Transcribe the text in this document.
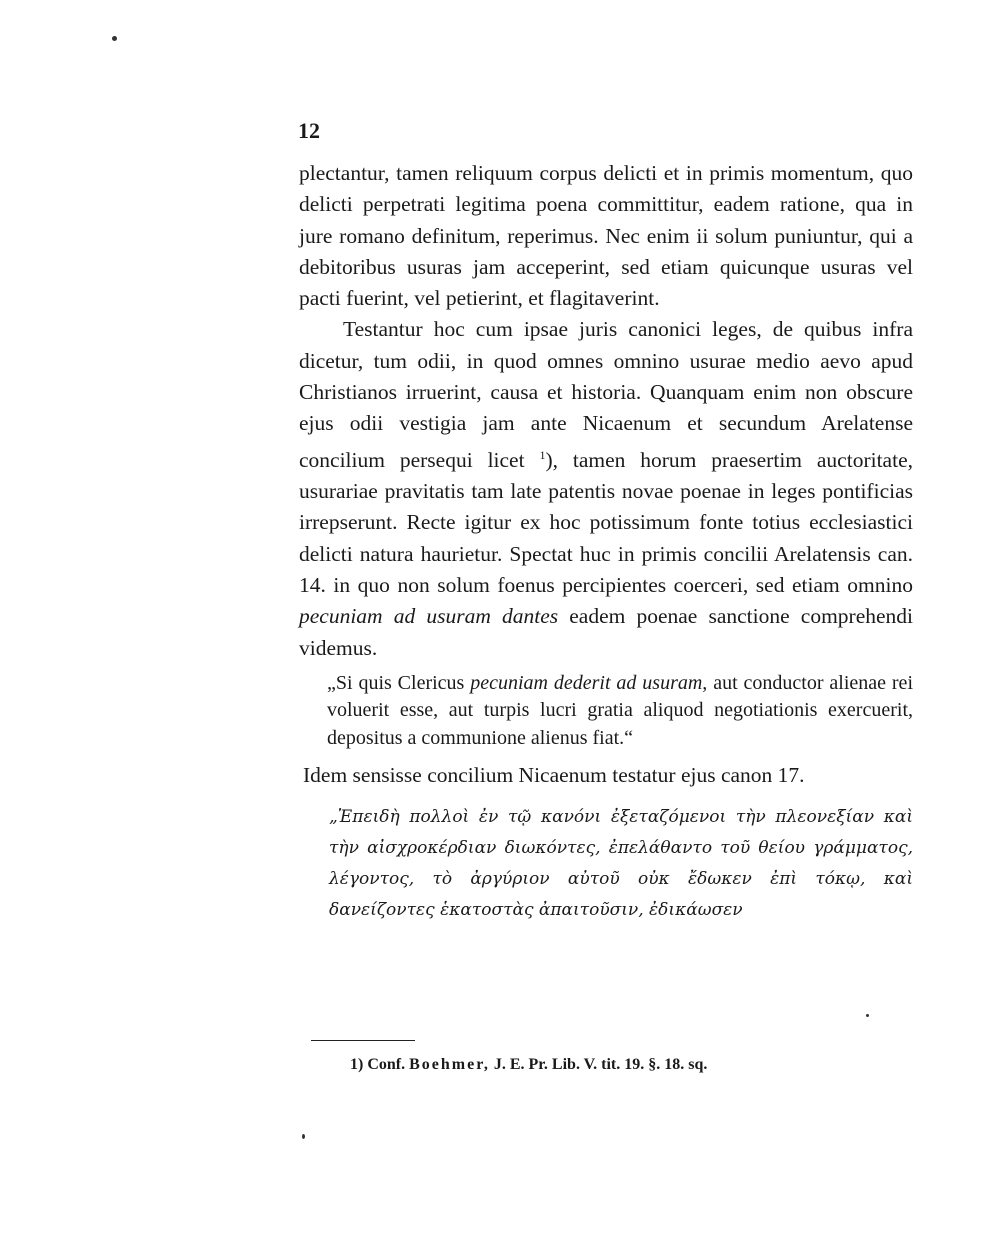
12

plectantur, tamen reliquum corpus delicti et in primis momentum, quo delicti perpetrati legitima poena committitur, eadem ratione, qua in jure romano definitum, reperimus. Nec enim ii solum puniuntur, qui a debitoribus usuras jam acceperint, sed etiam quicunque usuras vel pacti fuerint, vel petierint, et flagitaverint.

Testantur hoc cum ipsae juris canonici leges, de quibus infra dicetur, tum odii, in quod omnes omnino usurae medio aevo apud Christianos irruerint, causa et historia. Quanquam enim non obscure ejus odii vestigia jam ante Nicaenum et secundum Arelatense concilium persequi licet $^1$), tamen horum praesertim auctoritate, usurariae pravitatis tam late patentis novae poenae in leges pontificias irrepserunt. Recte igitur ex hoc potissimum fonte totius ecclesiastici delicti natura haurietur. Spectat huc in primis concilii Arelatensis can. 14. in quo non solum foenus percipientes coerceri, sed etiam omnino pecuniam ad usuram dantes eadem poenae sanctione comprehendi videmus.

„Si quis Clericus pecuniam dederit ad usuram, aut conductor alienae rei voluerit esse, aut turpis lucri gratia aliquod negotiationis exercuerit, depositus a communione alienus fiat.“

Idem sensisse concilium Nicaenum testatur ejus canon 17.

„Ἐπειδὴ πολλοὶ ἐν τῷ κανόνι ἐξεταζόμενοι τὴν πλεονεξίαν καὶ τὴν αἰσχροκέρδιαν διωκόντες, ἐπελάθαντο τοῦ θείου γράμματος, λέγοντος, τὸ ἀργύριον αὐτοῦ οὐκ ἔδωκεν ἐπὶ τόκῳ, καὶ δανείζοντες ἑκατοστὰς ἀπαιτοῦσιν, ἐδικάωσεν

1) Conf. Boehmer, J. E. Pr. Lib. V. tit. 19. §. 18. sq.
